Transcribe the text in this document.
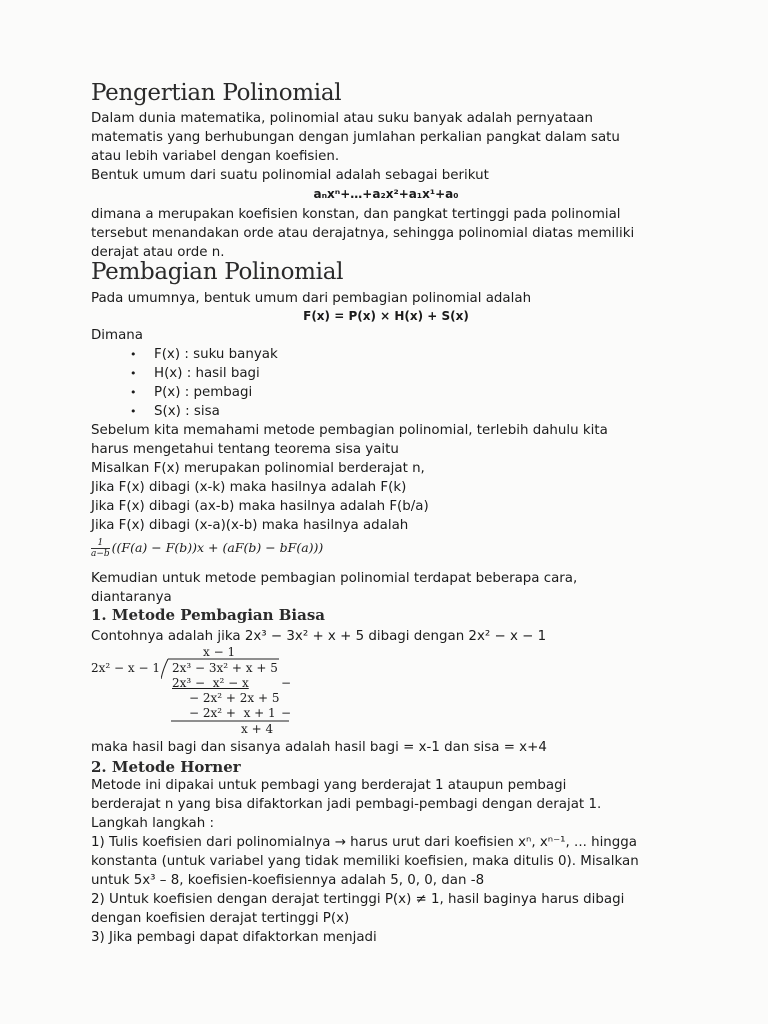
Pengertian Polinomial

Dalam dunia matematika, polinomial atau suku banyak adalah pernyataan

matematis yang berhubungan dengan jumlahan perkalian pangkat dalam satu

atau lebih variabel dengan koefisien.

Bentuk umum dari suatu polinomial adalah sebagai berikut

aₙxⁿ+…+a₂x²+a₁x¹+a₀

dimana a merupakan koefisien konstan, dan pangkat tertinggi pada polinomial

tersebut menandakan orde atau derajatnya, sehingga polinomial diatas memiliki

derajat atau orde n.

Pembagian Polinomial

Pada umumnya, bentuk umum dari pembagian polinomial adalah

F(x) = P(x) × H(x) + S(x)

Dimana

• F(x) : suku banyak
• H(x) : hasil bagi
• P(x) : pembagi
• S(x) : sisa

Sebelum kita memahami metode pembagian polinomial, terlebih dahulu kita

harus mengetahui tentang teorema sisa yaitu

Misalkan F(x) merupakan polinomial berderajat n,

Jika F(x) dibagi (x-k) maka hasilnya adalah F(k)

Jika F(x) dibagi (ax-b) maka hasilnya adalah F(b/a)

Jika F(x) dibagi (x-a)(x-b) maka hasilnya adalah

$\frac{1}{a-b} ((F(a) - F(b))x + (aF(b) - bF(a)))$

Kemudian untuk metode pembagian polinomial terdapat beberapa cara,

diantaranya

1. Metode Pembagian Biasa

Contohnya adalah jika 2x³ − 3x² + x + 5 dibagi dengan 2x² − x − 1

x − 1
2x² − x − 1 2x³ − 3x² + x + 5
2x³ −  x² − x	−
− 2x² + 2x + 5
− 2x² +  x + 1 −
x + 4

maka hasil bagi dan sisanya adalah hasil bagi = x-1 dan sisa = x+4

2. Metode Horner

Metode ini dipakai untuk pembagi yang berderajat 1 ataupun pembagi

berderajat n yang bisa difaktorkan jadi pembagi-pembagi dengan derajat 1.

Langkah langkah :

1) Tulis koefisien dari polinomialnya → harus urut dari koefisien xⁿ, xⁿ⁻¹, ... hingga

konstanta (untuk variabel yang tidak memiliki koefisien, maka ditulis 0). Misalkan

untuk 5x³ – 8, koefisien-koefisiennya adalah 5, 0, 0, dan -8

2) Untuk koefisien dengan derajat tertinggi P(x) ≠ 1, hasil baginya harus dibagi

dengan koefisien derajat tertinggi P(x)

3) Jika pembagi dapat difaktorkan menjadi
